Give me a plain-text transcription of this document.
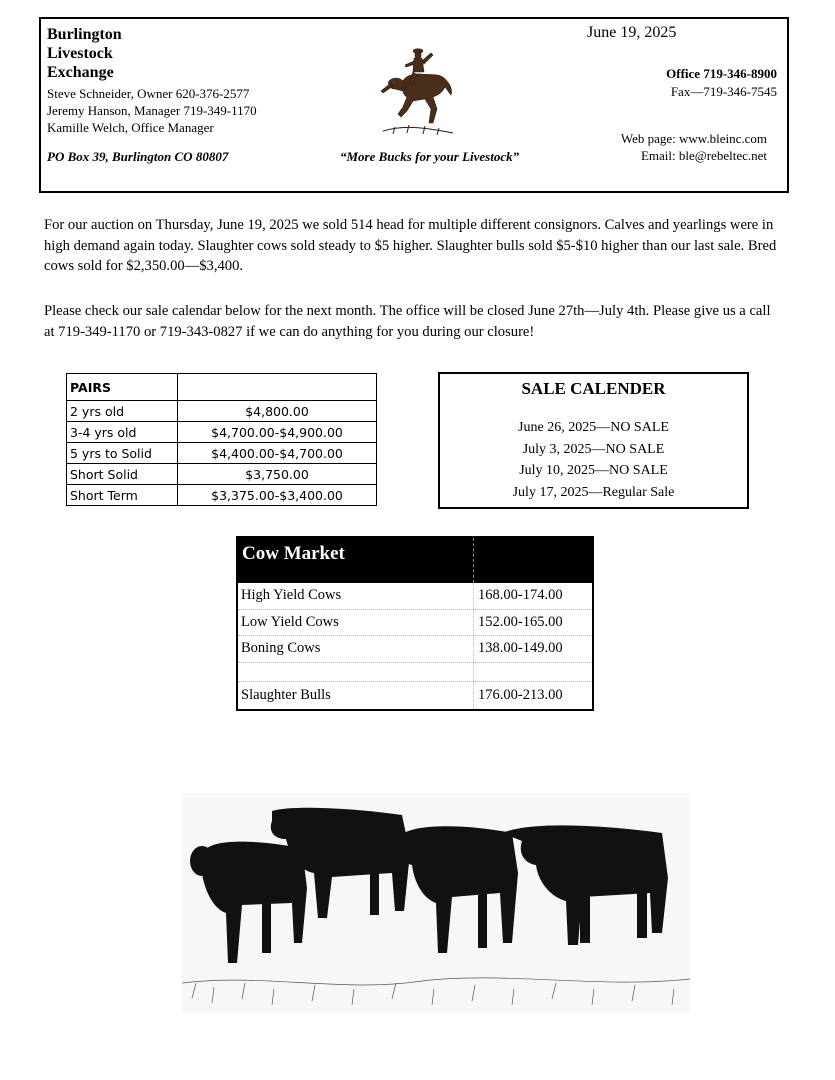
Burlington
Livestock
Exchange
Steve Schneider, Owner 620-376-2577
Jeremy Hanson, Manager 719-349-1170
Kamille Welch, Office Manager
PO Box 39, Burlington CO 80807	“More Bucks for your Livestock”
June 19, 2025
Office 719-346-8900
Fax—719-346-7545
Web page: www.bleinc.com
Email: ble@rebeltec.net
For our auction on Thursday, June 19, 2025 we sold 514 head for multiple different consignors. Calves and yearlings were in high demand again today. Slaughter cows sold steady to $5 higher. Slaughter bulls sold $5-$10 higher than our last sale. Bred cows sold for $2,350.00—$3,400.
Please check our sale calendar below for the next month. The office will be closed June 27th—July 4th. Please give us a call at 719-349-1170 or 719-343-0827 if we can do anything for you during our closure!
PAIRS	
2 yrs old	$4,800.00
3-4 yrs old	$4,700.00-$4,900.00
5 yrs to Solid	$4,400.00-$4,700.00
Short Solid	$3,750.00
Short Term	$3,375.00-$3,400.00
SALE CALENDER
June 26, 2025—NO SALE
July 3, 2025—NO SALE
July 10, 2025—NO SALE
July 17, 2025—Regular Sale
Cow Market
High Yield Cows	168.00-174.00
Low Yield Cows	152.00-165.00
Boning Cows	138.00-149.00
Slaughter Bulls	176.00-213.00
